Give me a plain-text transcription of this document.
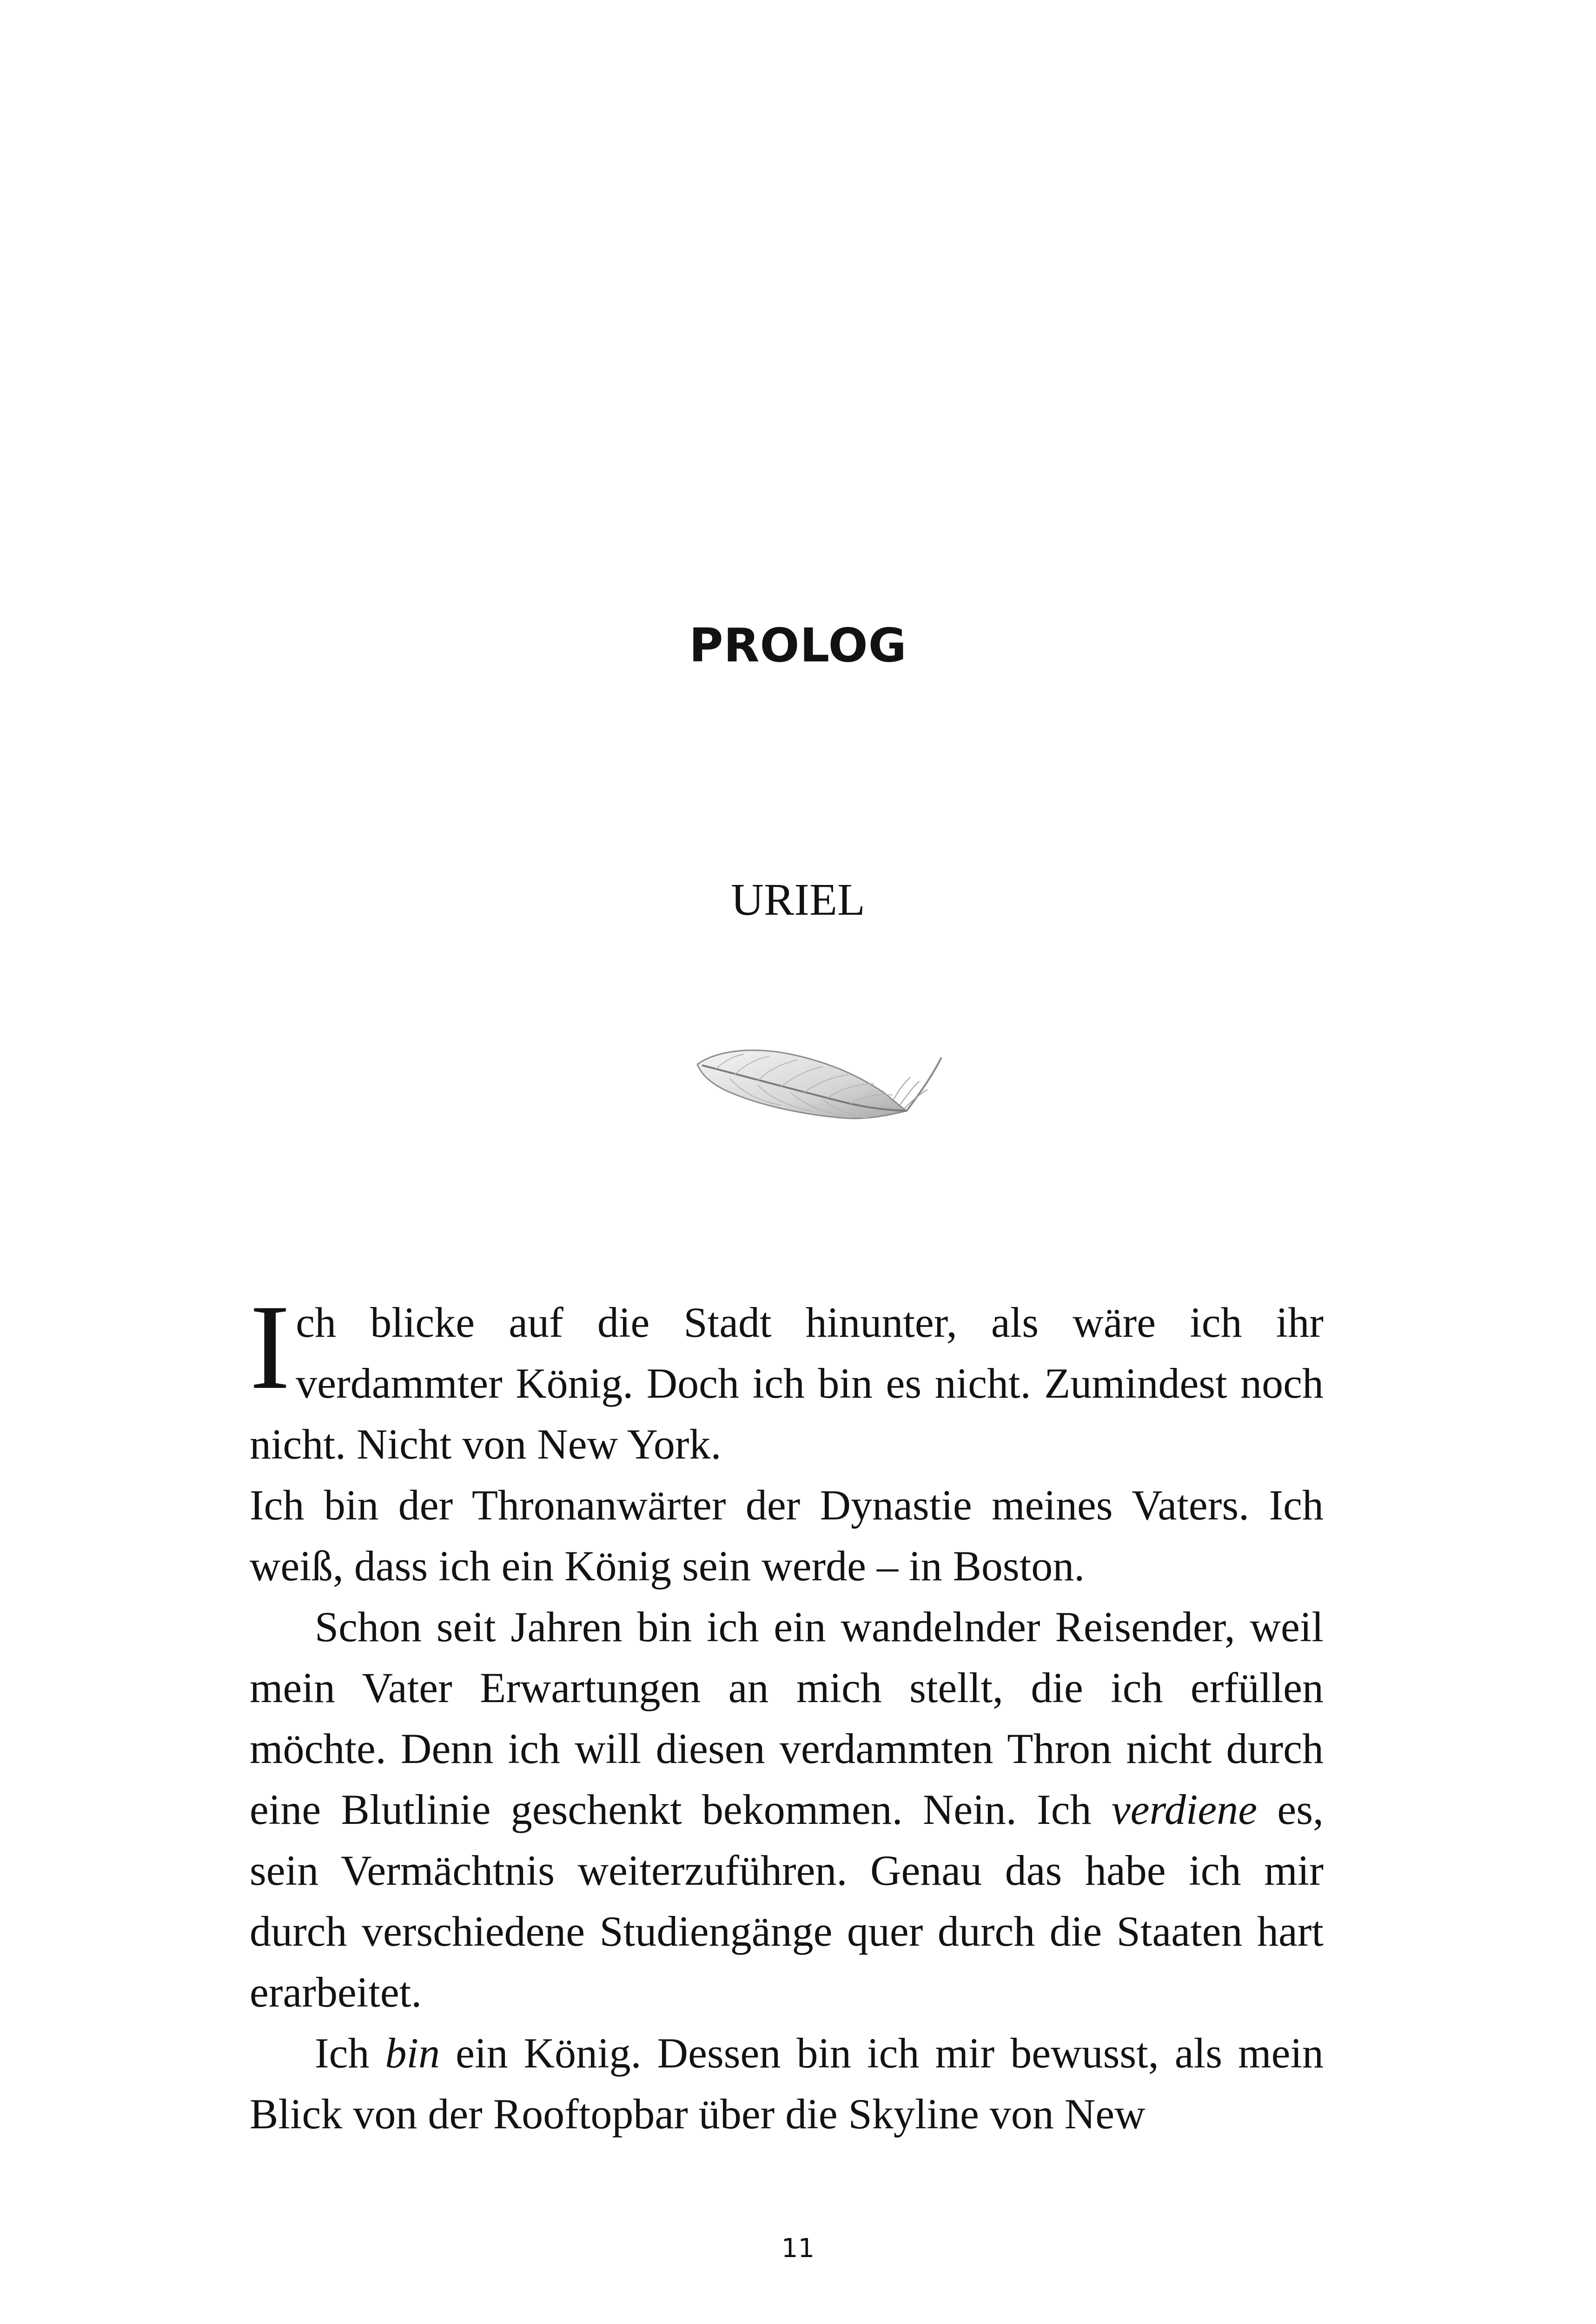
PROLOG
URIEL

Ich blicke auf die Stadt hinunter, als wäre ich ihr verdammter König. Doch ich bin es nicht. Zumindest noch nicht. Nicht von New York.

Ich bin der Thronanwärter der Dynastie meines Vaters. Ich weiß, dass ich ein König sein werde – in Boston.

Schon seit Jahren bin ich ein wandelnder Reisender, weil mein Vater Erwartungen an mich stellt, die ich erfüllen möchte. Denn ich will diesen verdammten Thron nicht durch eine Blutlinie geschenkt bekommen. Nein. Ich verdiene es, sein Vermächtnis weiterzuführen. Genau das habe ich mir durch verschiedene Studiengänge quer durch die Staaten hart erarbeitet.

Ich bin ein König. Dessen bin ich mir bewusst, als mein Blick von der Rooftopbar über die Skyline von New

11
